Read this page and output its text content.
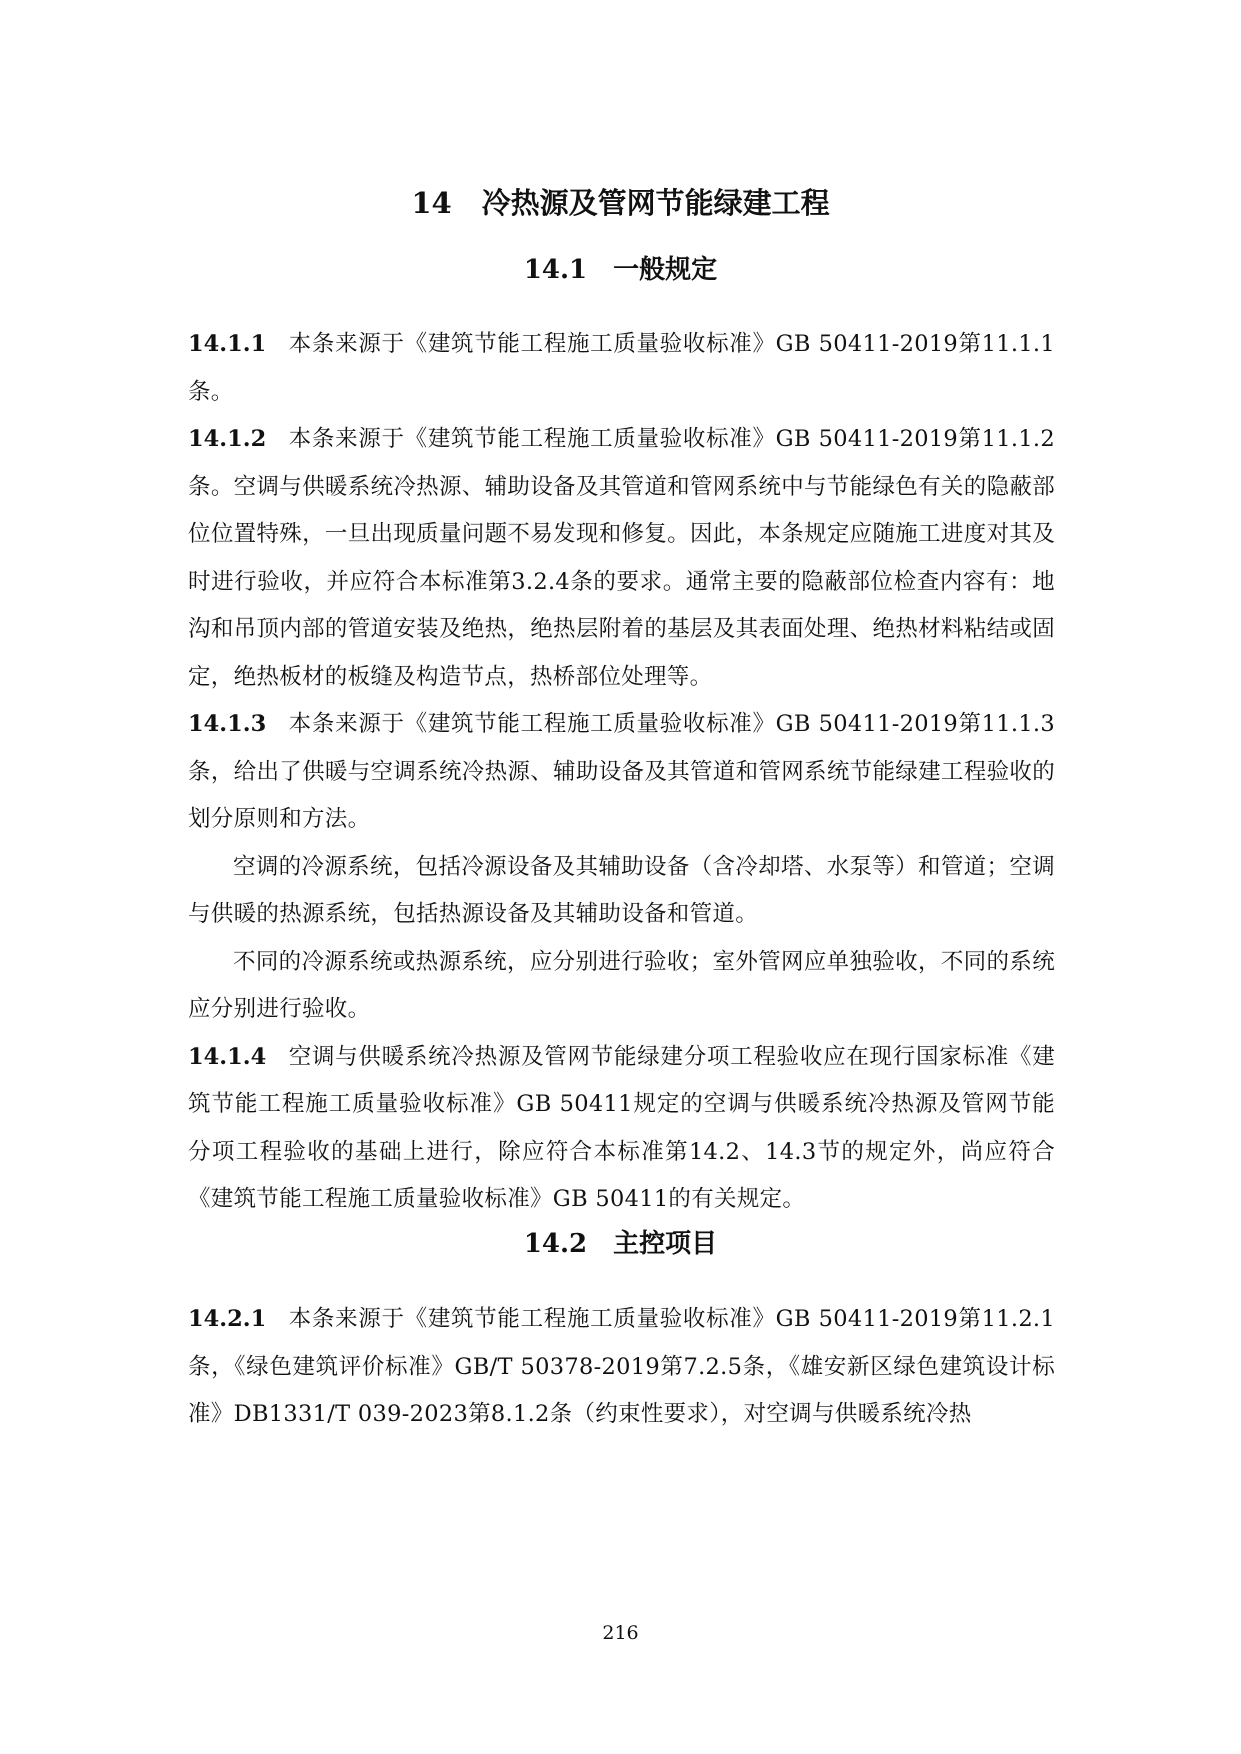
14 冷热源及管网节能绿建工程
14.1 一般规定

14.1.1 本条来源于《建筑节能工程施工质量验收标准》GB 50411-2019第11.1.1条。

14.1.2 本条来源于《建筑节能工程施工质量验收标准》GB 50411-2019第11.1.2条。空调与供暖系统冷热源、辅助设备及其管道和管网系统中与节能绿色有关的隐蔽部位位置特殊，一旦出现质量问题不易发现和修复。因此，本条规定应随施工进度对其及时进行验收，并应符合本标准第3.2.4条的要求。通常主要的隐蔽部位检查内容有：地沟和吊顶内部的管道安装及绝热，绝热层附着的基层及其表面处理、绝热材料粘结或固定，绝热板材的板缝及构造节点，热桥部位处理等。

14.1.3 本条来源于《建筑节能工程施工质量验收标准》GB 50411-2019第11.1.3条，给出了供暖与空调系统冷热源、辅助设备及其管道和管网系统节能绿建工程验收的划分原则和方法。

空调的冷源系统，包括冷源设备及其辅助设备（含冷却塔、水泵等）和管道；空调与供暖的热源系统，包括热源设备及其辅助设备和管道。

不同的冷源系统或热源系统，应分别进行验收；室外管网应单独验收，不同的系统应分别进行验收。

14.1.4 空调与供暖系统冷热源及管网节能绿建分项工程验收应在现行国家标准《建筑节能工程施工质量验收标准》GB 50411规定的空调与供暖系统冷热源及管网节能分项工程验收的基础上进行，除应符合本标准第14.2、14.3节的规定外，尚应符合《建筑节能工程施工质量验收标准》GB 50411的有关规定。

14.2 主控项目

14.2.1 本条来源于《建筑节能工程施工质量验收标准》GB 50411-2019第11.2.1条，《绿色建筑评价标准》GB/T 50378-2019第7.2.5条，《雄安新区绿色建筑设计标准》DB1331/T 039-2023第8.1.2条（约束性要求），对空调与供暖系统冷热

216
